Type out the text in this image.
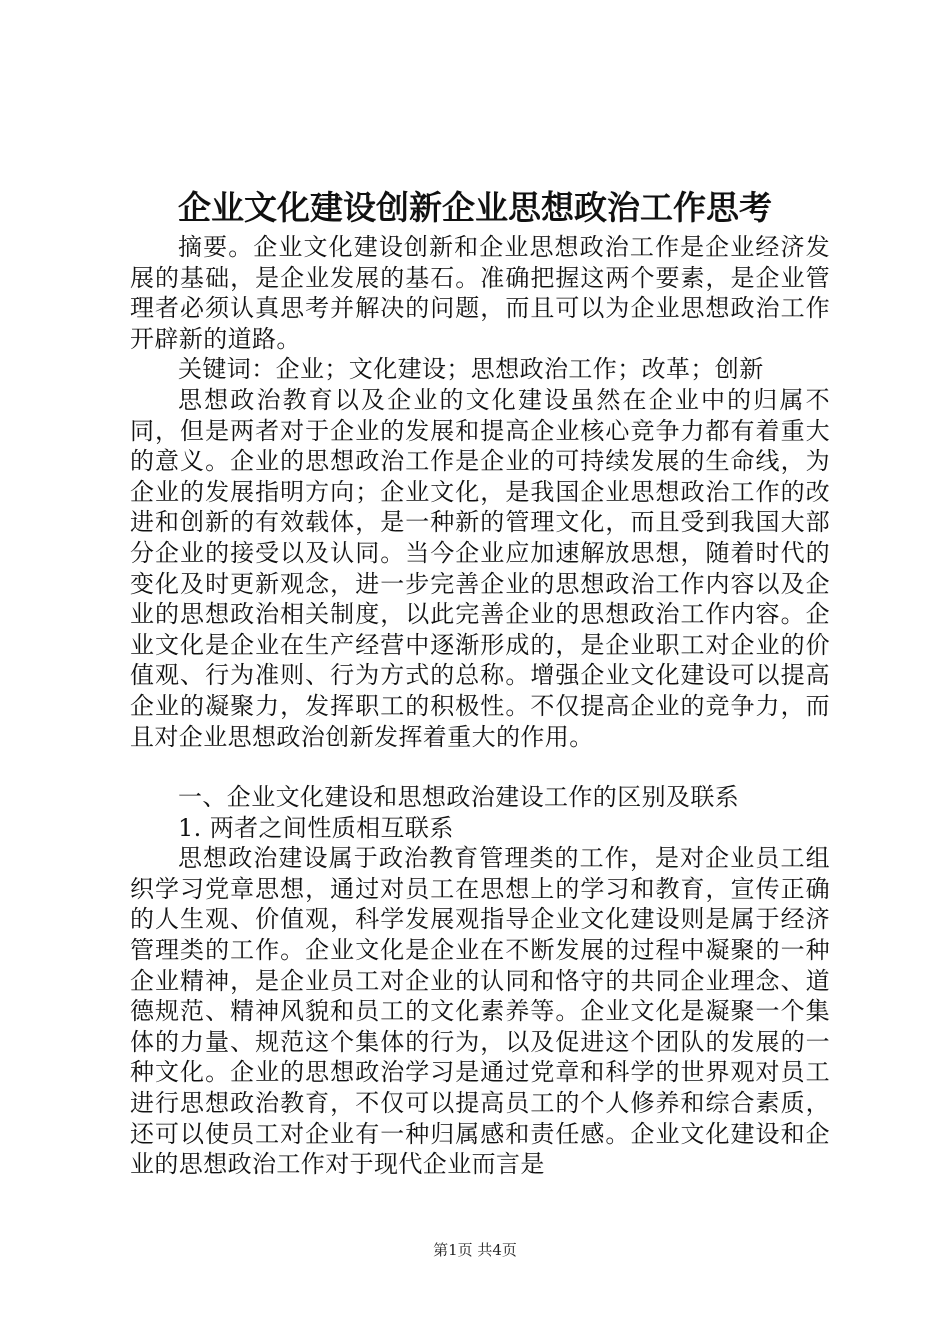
企业文化建设创新企业思想政治工作思考

摘要。企业文化建设创新和企业思想政治工作是企业经济发展的基础，是企业发展的基石。准确把握这两个要素，是企业管理者必须认真思考并解决的问题，而且可以为企业思想政治工作开辟新的道路。

关键词：企业；文化建设；思想政治工作；改革；创新

思想政治教育以及企业的文化建设虽然在企业中的归属不同，但是两者对于企业的发展和提高企业核心竞争力都有着重大的意义。企业的思想政治工作是企业的可持续发展的生命线，为企业的发展指明方向；企业文化，是我国企业思想政治工作的改进和创新的有效载体，是一种新的管理文化，而且受到我国大部分企业的接受以及认同。当今企业应加速解放思想，随着时代的变化及时更新观念，进一步完善企业的思想政治工作内容以及企业的思想政治相关制度，以此完善企业的思想政治工作内容。企业文化是企业在生产经营中逐渐形成的，是企业职工对企业的价值观、行为准则、行为方式的总称。增强企业文化建设可以提高企业的凝聚力，发挥职工的积极性。不仅提高企业的竞争力，而且对企业思想政治创新发挥着重大的作用。

一、企业文化建设和思想政治建设工作的区别及联系

1. 两者之间性质相互联系

思想政治建设属于政治教育管理类的工作，是对企业员工组织学习党章思想，通过对员工在思想上的学习和教育，宣传正确的人生观、价值观，科学发展观指导企业文化建设则是属于经济管理类的工作。企业文化是企业在不断发展的过程中凝聚的一种企业精神，是企业员工对企业的认同和恪守的共同企业理念、道德规范、精神风貌和员工的文化素养等。企业文化是凝聚一个集体的力量、规范这个集体的行为，以及促进这个团队的发展的一种文化。企业的思想政治学习是通过党章和科学的世界观对员工进行思想政治教育，不仅可以提高员工的个人修养和综合素质，还可以使员工对企业有一种归属感和责任感。企业文化建设和企业的思想政治工作对于现代企业而言是

第1页 共4页
